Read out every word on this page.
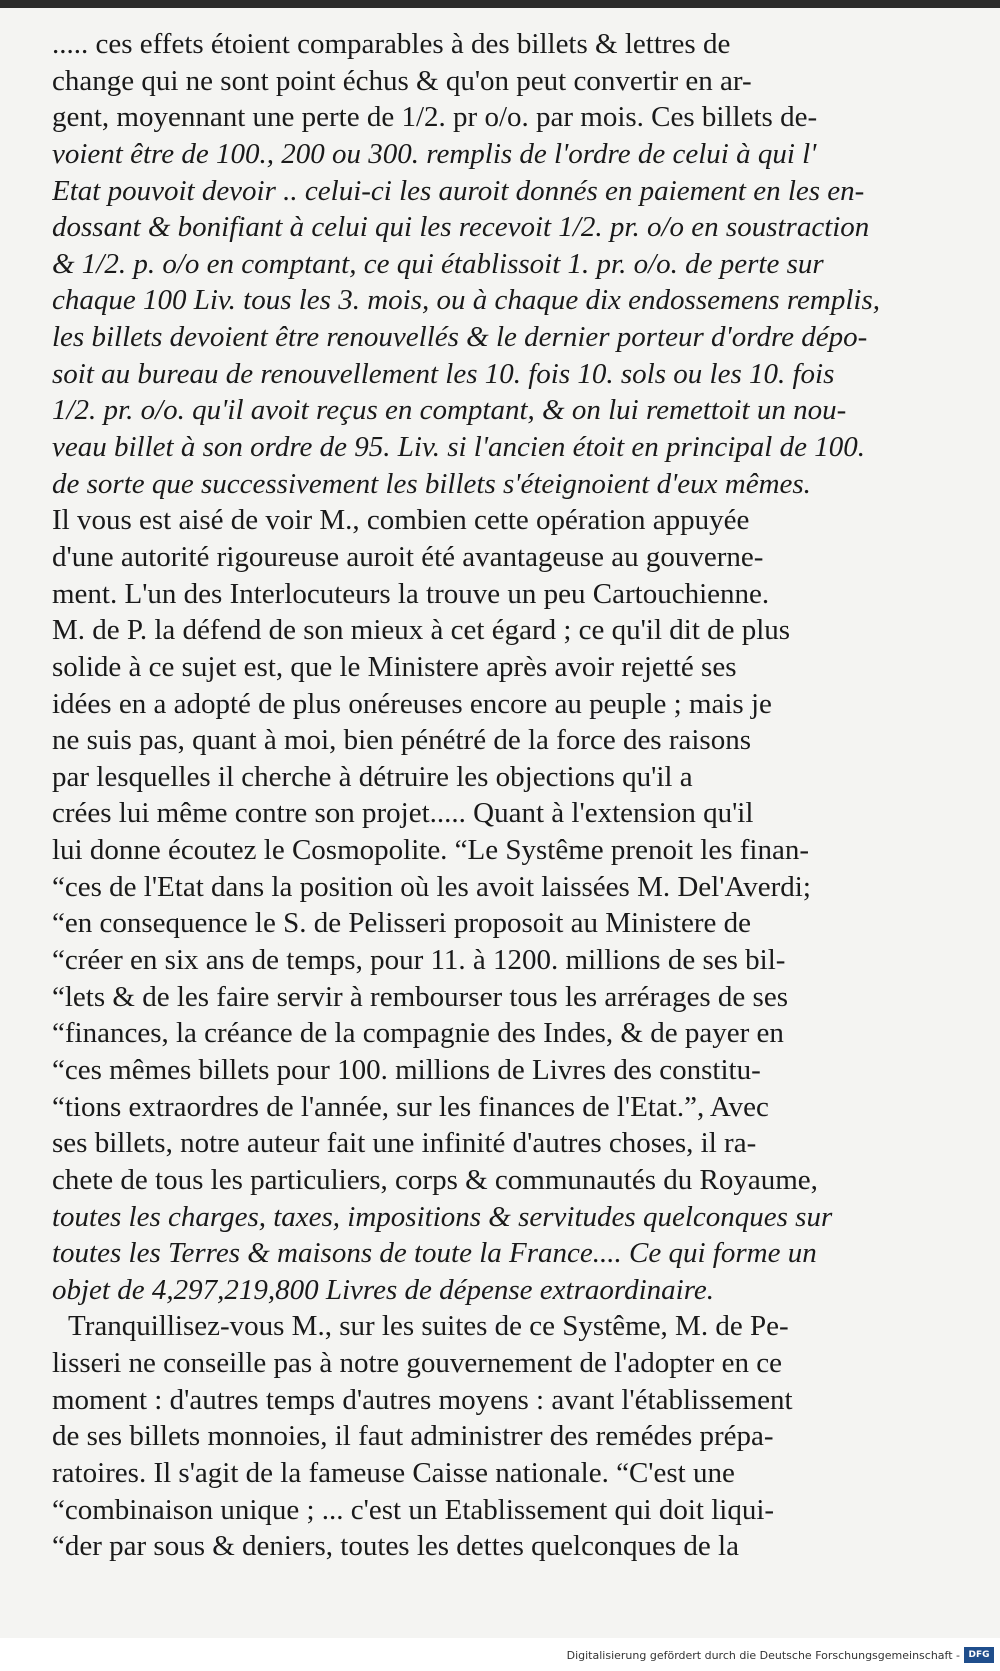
..... ces effets étoient comparables à des billets & lettres de
change qui ne sont point échus & qu'on peut convertir en ar-
gent, moyennant une perte de 1/2. pr o/o. par mois. Ces billets de-
voient être de 100., 200 ou 300. remplis de l'ordre de celui à qui l'
Etat pouvoit devoir .. celui-ci les auroit donnés en paiement en les en-
dossant & bonifiant à celui qui les recevoit 1/2. pr. o/o en soustraction
& 1/2. p. o/o en comptant, ce qui établissoit 1. pr. o/o. de perte sur
chaque 100 Liv. tous les 3. mois, ou à chaque dix endossemens remplis,
les billets devoient être renouvellés & le dernier porteur d'ordre dépo-
soit au bureau de renouvellement les 10. fois 10. sols ou les 10. fois
1/2. pr. o/o. qu'il avoit reçus en comptant, & on lui remettoit un nou-
veau billet à son ordre de 95. Liv. si l'ancien étoit en principal de 100.
de sorte que successivement les billets s'éteignoient d'eux mêmes.
Il vous est aisé de voir M., combien cette opération appuyée
d'une autorité rigoureuse auroit été avantageuse au gouverne-
ment. L'un des Interlocuteurs la trouve un peu Cartouchienne.
M. de P. la défend de son mieux à cet égard ; ce qu'il dit de plus
solide à ce sujet est, que le Ministere après avoir rejetté ses
idées en a adopté de plus onéreuses encore au peuple ; mais je
ne suis pas, quant à moi, bien pénétré de la force des raisons
par lesquelles il cherche à détruire les objections qu'il a
crées lui même contre son projet..... Quant à l'extension qu'il
lui donne écoutez le Cosmopolite. “Le Systême prenoit les finan-
“ces de l'Etat dans la position où les avoit laissées M. Del'Averdi;
“en consequence le S. de Pelisseri proposoit au Ministere de
“créer en six ans de temps, pour 11. à 1200. millions de ses bil-
“lets & de les faire servir à rembourser tous les arrérages de ses
“finances, la créance de la compagnie des Indes, & de payer en
“ces mêmes billets pour 100. millions de Livres des constitu-
“tions extraordres de l'année, sur les finances de l'Etat.”, Avec
ses billets, notre auteur fait une infinité d'autres choses, il ra-
chete de tous les particuliers, corps & communautés du Royaume,
toutes les charges, taxes, impositions & servitudes quelconques sur
toutes les Terres & maisons de toute la France.... Ce qui forme un
objet de 4,297,219,800 Livres de dépense extraordinaire.
Tranquillisez-vous M., sur les suites de ce Systême, M. de Pe-
lisseri ne conseille pas à notre gouvernement de l'adopter en ce
moment : d'autres temps d'autres moyens : avant l'établissement
de ses billets monnoies, il faut administrer des remédes prépa-
ratoires. Il s'agit de la fameuse Caisse nationale. “C'est une
“combinaison unique ; ... c'est un Etablissement qui doit liqui-
“der par sous & deniers, toutes les dettes quelconques de la
Digitalisierung gefördert durch die Deutsche Forschungsgemeinschaft - DFG
